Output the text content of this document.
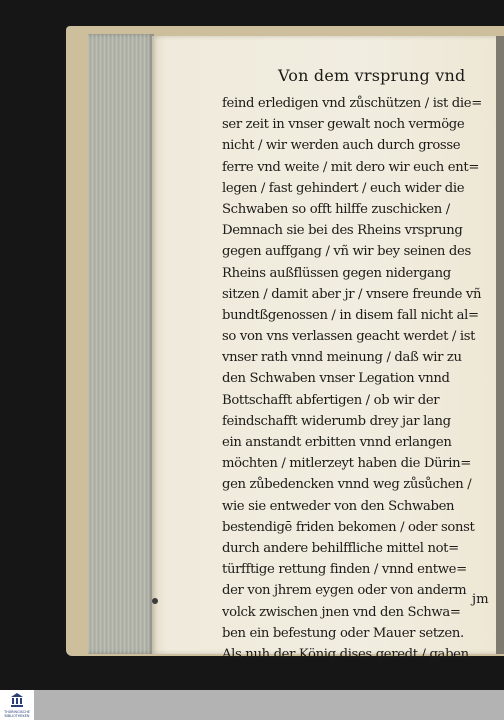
Von dem vrsprung vnd
feind erledigen vnd zůschützen / ist die=
ser zeit in vnser gewalt noch vermöge
nicht / wir werden auch durch grosse
ferre vnd weite / mit dero wir euch ent=
legen / fast gehindert / euch wider die
Schwaben so offt hilffe zuschicken /
Demnach sie bei des Rheins vrsprung
gegen auffgang / vñ wir bey seinen des
Rheins außflüssen gegen nidergang
sitzen / damit aber jr / vnsere freunde vñ
bundtßgenossen / in disem fall nicht al=
so von vns verlassen geacht werdet / ist
vnser rath vnnd meinung / daß wir zu
den Schwaben vnser Legation vnnd
Bottschafft abfertigen / ob wir der
feindschafft widerumb drey jar lang
ein anstandt erbitten vnnd erlangen
möchten / mitlerzeyt haben die Dürin=
gen zůbedencken vnnd weg zůsůchen /
wie sie entweder von den Schwaben
bestendigē friden bekomen / oder sonst
durch andere behilffliche mittel not=
türfftige rettung finden / vnnd entwe=
der von jhrem eygen oder von anderm
volck zwischen jnen vnd den Schwa=
ben ein befestung oder Mauer setzen.
Als nuh der König dises geredt / gaben
jm
THÜRINGISCHE
BIBLIOTHEKEN
